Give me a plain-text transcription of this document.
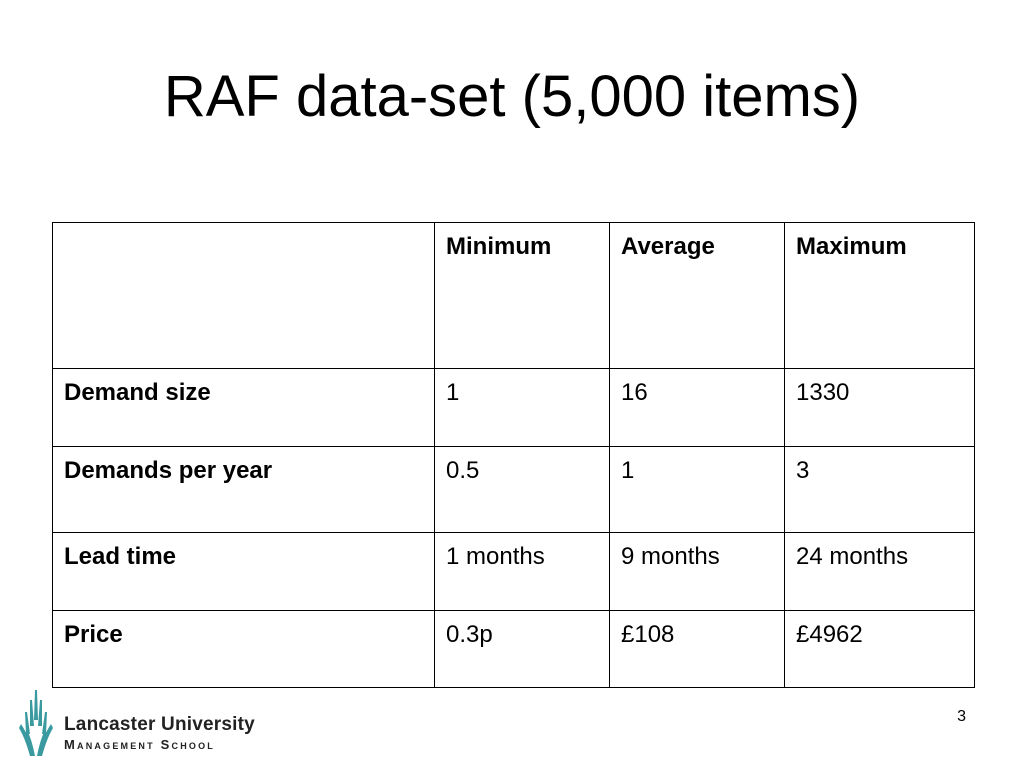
RAF data-set (5,000 items)
	Minimum	Average	Maximum
Demand size	1	16	1330
Demands per year	0.5	1	3
Lead time	1 months	9 months	24 months
Price	0.3p	£108	£4962
Lancaster University
Management School
3
